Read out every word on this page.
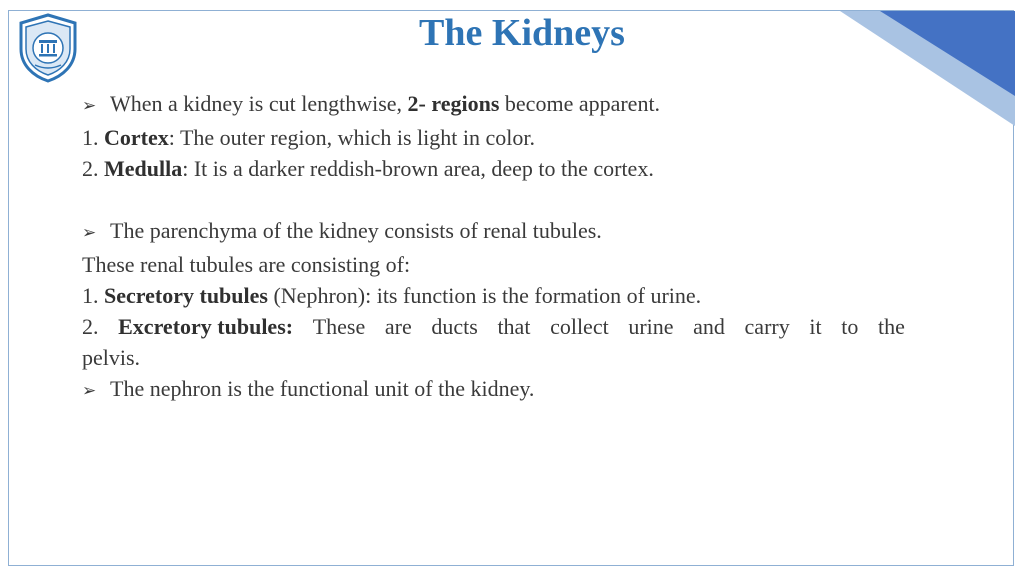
The Kidneys
➢ When a kidney is cut lengthwise, 2- regions become apparent.
1. Cortex: The outer region, which is light in color.
2. Medulla: It is a darker reddish-brown area, deep to the cortex.
➢ The parenchyma of the kidney consists of renal tubules.
These renal tubules are consisting of:
1. Secretory tubules (Nephron): its function is the formation of urine.
2. Excretory tubules: These are ducts that collect urine and carry it to the
pelvis.
➢ The nephron is the functional unit of the kidney.
